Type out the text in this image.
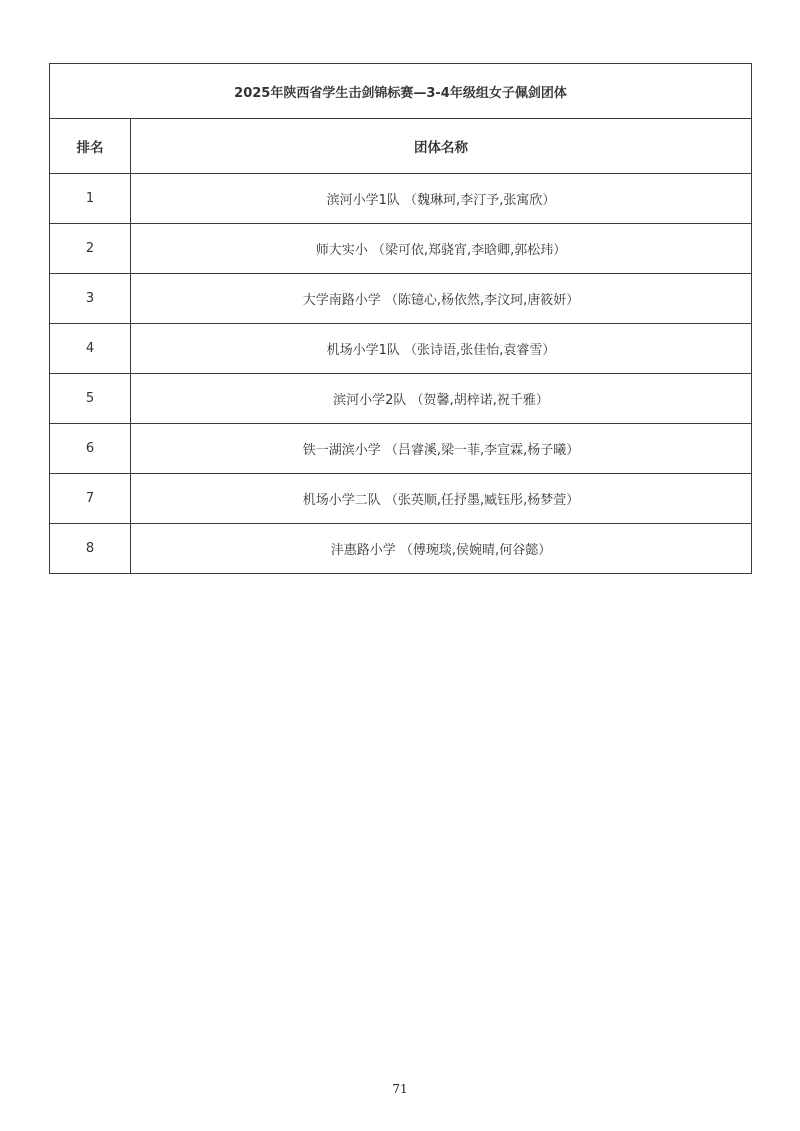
2025年陕西省学生击剑锦标赛—3-4年级组女子佩剑团体	
排名	团体名称
1	滨河小学1队 （魏琳珂,李汀予,张寓欣）
2	师大实小 （梁可依,郑骁宵,李晗卿,郭松玮）
3	大学南路小学 （陈镱心,杨依然,李汶珂,唐筱妍）
4	机场小学1队 （张诗语,张佳怡,袁睿雪）
5	滨河小学2队 （贺馨,胡梓诺,祝千雅）
6	铁一湖滨小学 （吕睿溪,梁一菲,李宣霖,杨子曦）
7	机场小学二队 （张英顺,任抒墨,臧钰彤,杨梦萱）
8	沣惠路小学 （傅琬琰,侯婉晴,何谷懿）
71
